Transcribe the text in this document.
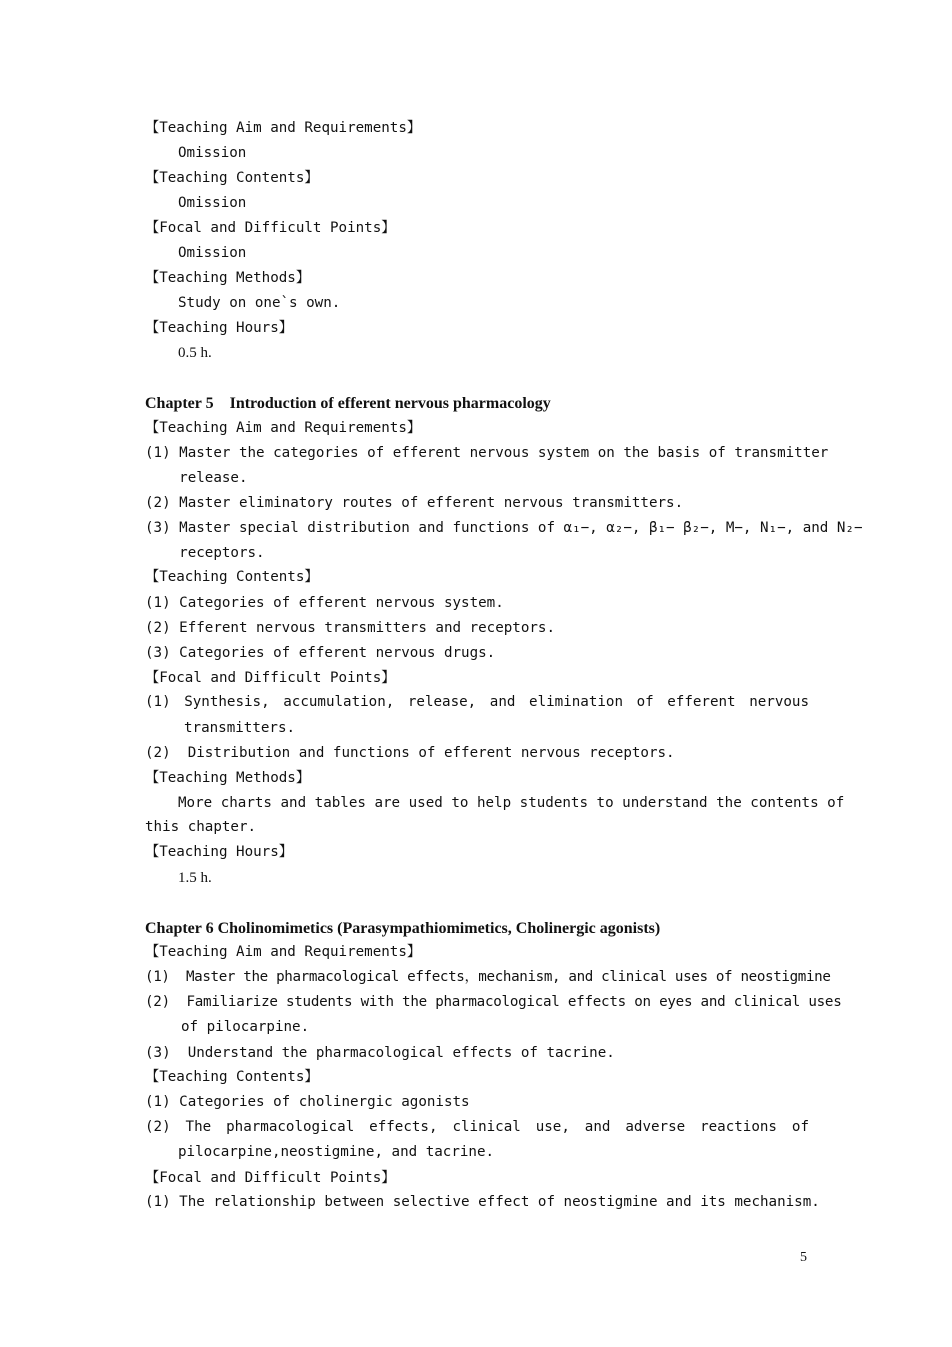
【Teaching Aim and Requirements】
Omission
【Teaching Contents】
Omission
【Focal and Difficult Points】
Omission
【Teaching Methods】
Study on one`s own.
【Teaching Hours】
0.5 h.
Chapter 5    Introduction of efferent nervous pharmacology
【Teaching Aim and Requirements】
(1) Master the categories of efferent nervous system on the basis of transmitter
release.
(2) Master eliminatory routes of efferent nervous transmitters.
(3) Master special distribution and functions of α₁−, α₂−, β₁− β₂−, M−, N₁−, and N₂−
receptors.
【Teaching Contents】
(1) Categories of efferent nervous system.
(2) Efferent nervous transmitters and receptors.
(3) Categories of efferent nervous drugs.
【Focal and Difficult Points】
(1) Synthesis, accumulation, release, and elimination of efferent nervous
transmitters.
(2)  Distribution and functions of efferent nervous receptors.
【Teaching Methods】
More charts and tables are used to help students to understand the contents of
this chapter.
【Teaching Hours】
1.5 h.
Chapter 6 Cholinomimetics (Parasympathiomimetics, Cholinergic agonists)
【Teaching Aim and Requirements】
(1)  Master the pharmacological effects，mechanism, and clinical uses of neostigmine
(2)  Familiarize students with the pharmacological effects on eyes and clinical uses
of pilocarpine.
(3)  Understand the pharmacological effects of tacrine.
【Teaching Contents】
(1) Categories of cholinergic agonists
(2) The pharmacological effects, clinical use, and adverse reactions of
pilocarpine,neostigmine, and tacrine.
【Focal and Difficult Points】
(1) The relationship between selective effect of neostigmine and its mechanism.
5
